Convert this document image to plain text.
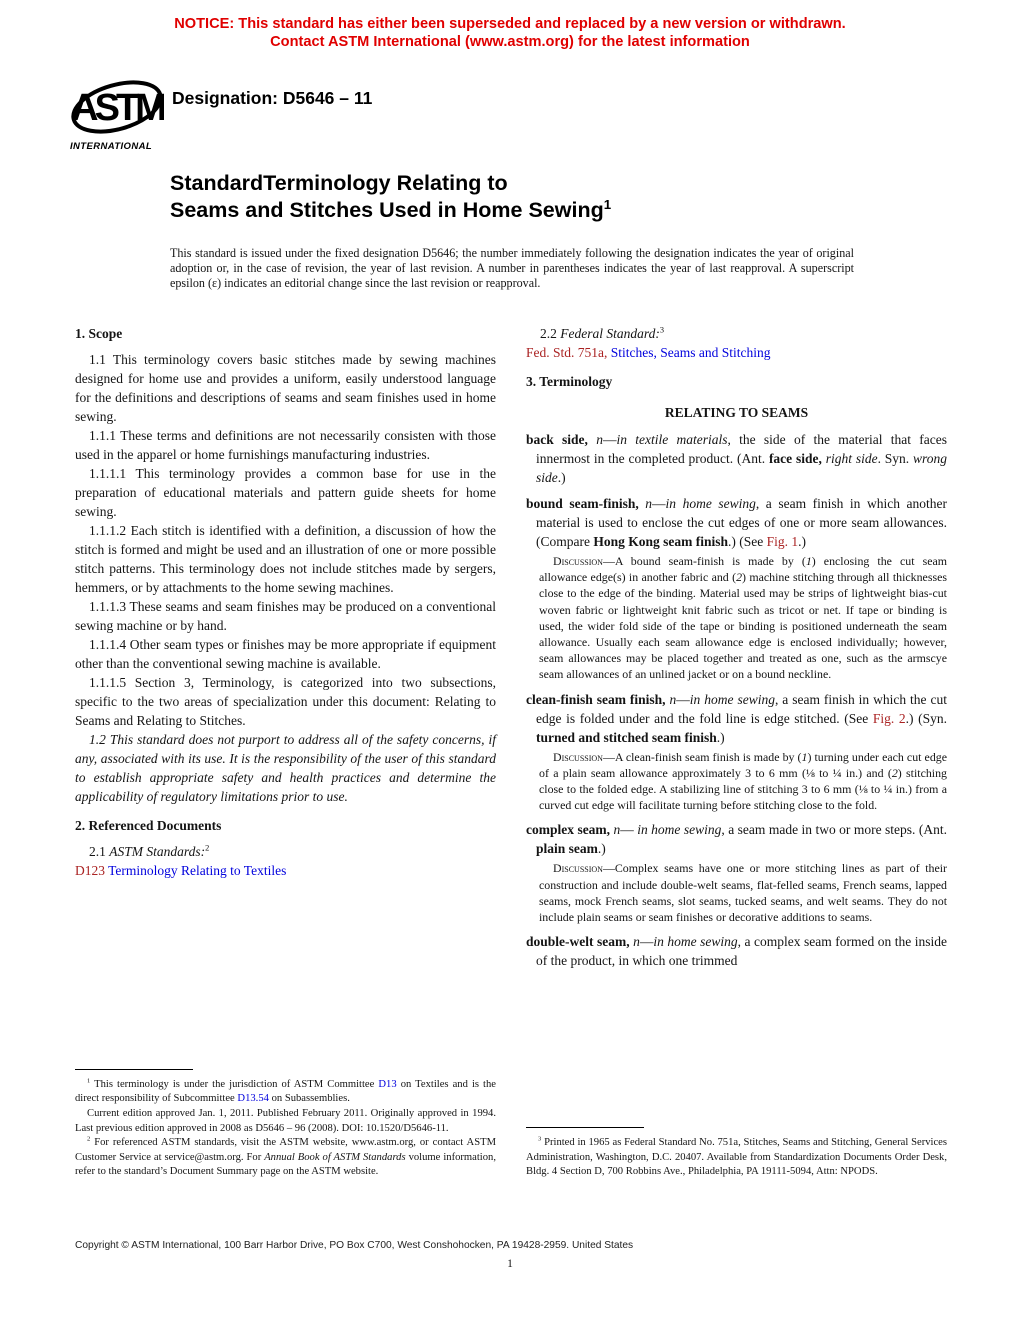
NOTICE: This standard has either been superseded and replaced by a new version or withdrawn.
Contact ASTM International (www.astm.org) for the latest information
ASTM
INTERNATIONAL
Designation: D5646 – 11
StandardTerminology Relating to
Seams and Stitches Used in Home Sewing$^1$
This standard is issued under the fixed designation D5646; the number immediately following the designation indicates the year of original adoption or, in the case of revision, the year of last revision. A number in parentheses indicates the year of last reapproval. A superscript epsilon (ε) indicates an editorial change since the last revision or reapproval.

1. Scope

1.1 This terminology covers basic stitches made by sewing machines designed for home use and provides a uniform, easily understood language for the definitions and descriptions of seams and seam finishes used in home sewing.

1.1.1 These terms and definitions are not necessarily consisten with those used in the apparel or home furnishings manufacturing industries.

1.1.1.1 This terminology provides a common base for use in the preparation of educational materials and pattern guide sheets for home sewing.

1.1.1.2 Each stitch is identified with a definition, a discussion of how the stitch is formed and might be used and an illustration of one or more possible stitch patterns. This terminology does not include stitches made by sergers, hemmers, or by attachments to the home sewing machines.

1.1.1.3 These seams and seam finishes may be produced on a conventional sewing machine or by hand.

1.1.1.4 Other seam types or finishes may be more appropriate if equipment other than the conventional sewing machine is available.

1.1.1.5 Section 3, Terminology, is categorized into two subsections, specific to the two areas of specialization under this document: Relating to Seams and Relating to Stitches.

1.2 This standard does not purport to address all of the safety concerns, if any, associated with its use. It is the responsibility of the user of this standard to establish appropriate safety and health practices and determine the applicability of regulatory limitations prior to use.

2. Referenced Documents

2.1 ASTM Standards:$^2$

D123 Terminology Relating to Textiles

$^1$ This terminology is under the jurisdiction of ASTM Committee D13 on Textiles and is the direct responsibility of Subcommittee D13.54 on Subassemblies.

Current edition approved Jan. 1, 2011. Published February 2011. Originally approved in 1994. Last previous edition approved in 2008 as D5646 – 96 (2008). DOI: 10.1520/D5646-11.

$^2$ For referenced ASTM standards, visit the ASTM website, www.astm.org, or contact ASTM Customer Service at service@astm.org. For Annual Book of ASTM Standards volume information, refer to the standard’s Document Summary page on the ASTM website.

2.2 Federal Standard:$^3$

Fed. Std. 751a, Stitches, Seams and Stitching

3. Terminology

RELATING TO SEAMS

back side, n—in textile materials, the side of the material that faces innermost in the completed product. (Ant. face side, right side. Syn. wrong side.)

bound seam-finish, n—in home sewing, a seam finish in which another material is used to enclose the cut edges of one or more seam allowances. (Compare Hong Kong seam finish.) (See Fig. 1.)

Discussion—A bound seam-finish is made by (1) enclosing the cut seam allowance edge(s) in another fabric and (2) machine stitching through all thicknesses close to the edge of the binding. Material used may be strips of lightweight bias-cut woven fabric or lightweight knit fabric such as tricot or net. If tape or binding is used, the wider fold side of the tape or binding is positioned underneath the seam allowance. Usually each seam allowance edge is enclosed individually; however, seam allowances may be placed together and treated as one, such as the armscye seam allowances of an unlined jacket or on a bound neckline.

clean-finish seam finish, n—in home sewing, a seam finish in which the cut edge is folded under and the fold line is edge stitched. (See Fig. 2.) (Syn. turned and stitched seam finish.)

Discussion—A clean-finish seam finish is made by (1) turning under each cut edge of a plain seam allowance approximately 3 to 6 mm (⅛ to ¼ in.) and (2) stitching close to the folded edge. A stabilizing line of stitching 3 to 6 mm (⅛ to ¼ in.) from a curved cut edge will facilitate turning before stitching close to the fold.

complex seam, n— in home sewing, a seam made in two or more steps. (Ant. plain seam.)

Discussion—Complex seams have one or more stitching lines as part of their construction and include double-welt seams, flat-felled seams, French seams, lapped seams, mock French seams, slot seams, tucked seams, and welt seams. They do not include plain seams or seam finishes or decorative additions to seams.

double-welt seam, n—in home sewing, a complex seam formed on the inside of the product, in which one trimmed

$^3$ Printed in 1965 as Federal Standard No. 751a, Stitches, Seams and Stitching, General Services Administration, Washington, D.C. 20407. Available from Standardization Documents Order Desk, Bldg. 4 Section D, 700 Robbins Ave., Philadelphia, PA 19111-5094, Attn: NPODS.

Copyright © ASTM International, 100 Barr Harbor Drive, PO Box C700, West Conshohocken, PA 19428-2959. United States
1
